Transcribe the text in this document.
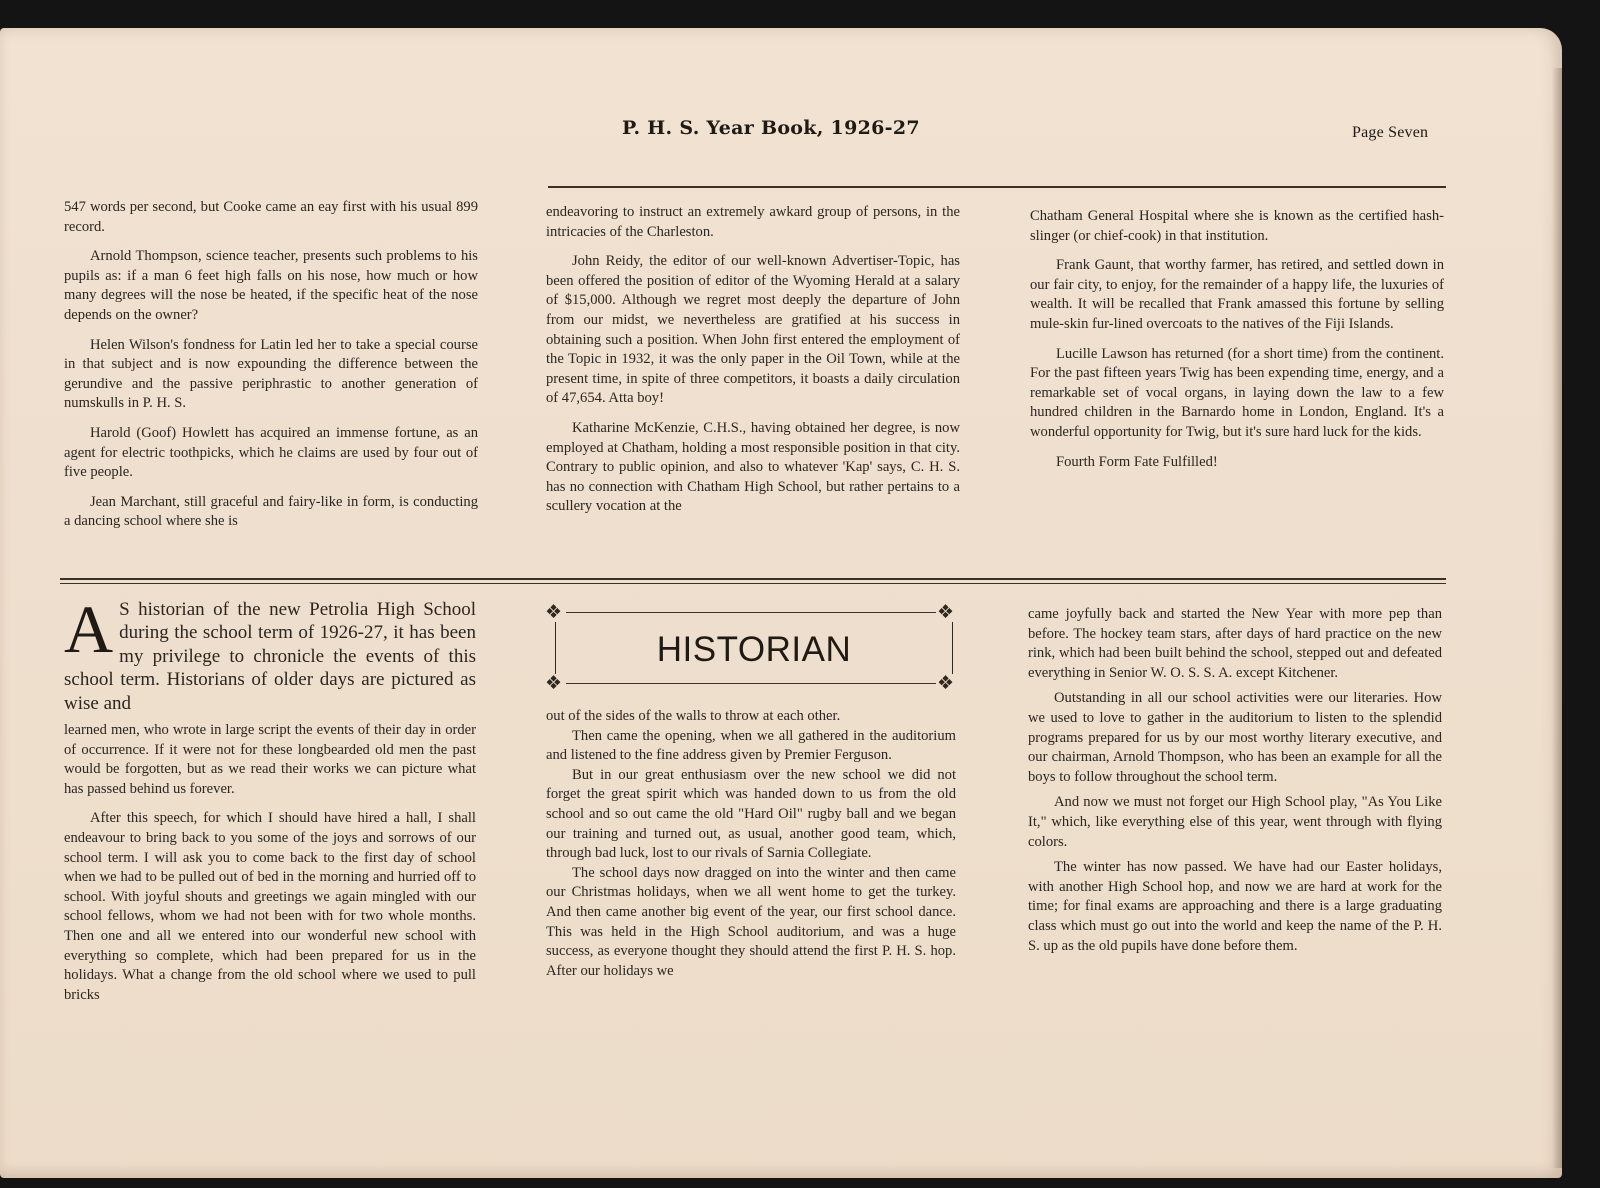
P. H. S. Year Book, 1926-27	Page Seven

547 words per second, but Cooke came an eay first with his usual 899 record.

Arnold Thompson, science teacher, presents such problems to his pupils as: if a man 6 feet high falls on his nose, how much or how many degrees will the nose be heated, if the specific heat of the nose depends on the owner?

Helen Wilson's fondness for Latin led her to take a special course in that subject and is now expounding the difference between the gerundive and the passive periphrastic to another generation of numskulls in P. H. S.

Harold (Goof) Howlett has acquired an immense fortune, as an agent for electric toothpicks, which he claims are used by four out of five people.

Jean Marchant, still graceful and fairy-like in form, is conducting a dancing school where she is

endeavoring to instruct an extremely awkard group of persons, in the intricacies of the Charleston.

John Reidy, the editor of our well-known Advertiser-Topic, has been offered the position of editor of the Wyoming Herald at a salary of $15,000. Although we regret most deeply the departure of John from our midst, we nevertheless are gratified at his success in obtaining such a position. When John first entered the employment of the Topic in 1932, it was the only paper in the Oil Town, while at the present time, in spite of three competitors, it boasts a daily circulation of 47,654. Atta boy!

Katharine McKenzie, C.H.S., having obtained her degree, is now employed at Chatham, holding a most responsible position in that city. Contrary to public opinion, and also to whatever 'Kap' says, C. H. S. has no connection with Chatham High School, but rather pertains to a scullery vocation at the

Chatham General Hospital where she is known as the certified hash-slinger (or chief-cook) in that institution.

Frank Gaunt, that worthy farmer, has retired, and settled down in our fair city, to enjoy, for the remainder of a happy life, the luxuries of wealth. It will be recalled that Frank amassed this fortune by selling mule-skin fur-lined overcoats to the natives of the Fiji Islands.

Lucille Lawson has returned (for a short time) from the continent. For the past fifteen years Twig has been expending time, energy, and a remarkable set of vocal organs, in laying down the law to a few hundred children in the Barnardo home in London, England. It's a wonderful opportunity for Twig, but it's sure hard luck for the kids.

Fourth Form Fate Fulfilled!

A S historian of the new Petrolia High School during the school term of 1926-27, it has been my privilege to chronicle the events of this school term. Historians of older days are pictured as wise and

learned men, who wrote in large script the events of their day in order of occurrence. If it were not for these longbearded old men the past would be forgotten, but as we read their works we can picture what has passed behind us forever.

After this speech, for which I should have hired a hall, I shall endeavour to bring back to you some of the joys and sorrows of our school term. I will ask you to come back to the first day of school when we had to be pulled out of bed in the morning and hurried off to school. With joyful shouts and greetings we again mingled with our school fellows, whom we had not been with for two whole months. Then one and all we entered into our wonderful new school with everything so complete, which had been prepared for us in the holidays. What a change from the old school where we used to pull bricks

❖	❖
❖	❖
HISTORIAN

out of the sides of the walls to throw at each other.

Then came the opening, when we all gathered in the auditorium and listened to the fine address given by Premier Ferguson.

But in our great enthusiasm over the new school we did not forget the great spirit which was handed down to us from the old school and so out came the old "Hard Oil" rugby ball and we began our training and turned out, as usual, another good team, which, through bad luck, lost to our rivals of Sarnia Collegiate.

The school days now dragged on into the winter and then came our Christmas holidays, when we all went home to get the turkey. And then came another big event of the year, our first school dance. This was held in the High School auditorium, and was a huge success, as everyone thought they should attend the first P. H. S. hop. After our holidays we

came joyfully back and started the New Year with more pep than before. The hockey team stars, after days of hard practice on the new rink, which had been built behind the school, stepped out and defeated everything in Senior W. O. S. S. A. except Kitchener.

Outstanding in all our school activities were our literaries. How we used to love to gather in the auditorium to listen to the splendid programs prepared for us by our most worthy literary executive, and our chairman, Arnold Thompson, who has been an example for all the boys to follow throughout the school term.

And now we must not forget our High School play, "As You Like It," which, like everything else of this year, went through with flying colors.

The winter has now passed. We have had our Easter holidays, with another High School hop, and now we are hard at work for the time; for final exams are approaching and there is a large graduating class which must go out into the world and keep the name of the P. H. S. up as the old pupils have done before them.
